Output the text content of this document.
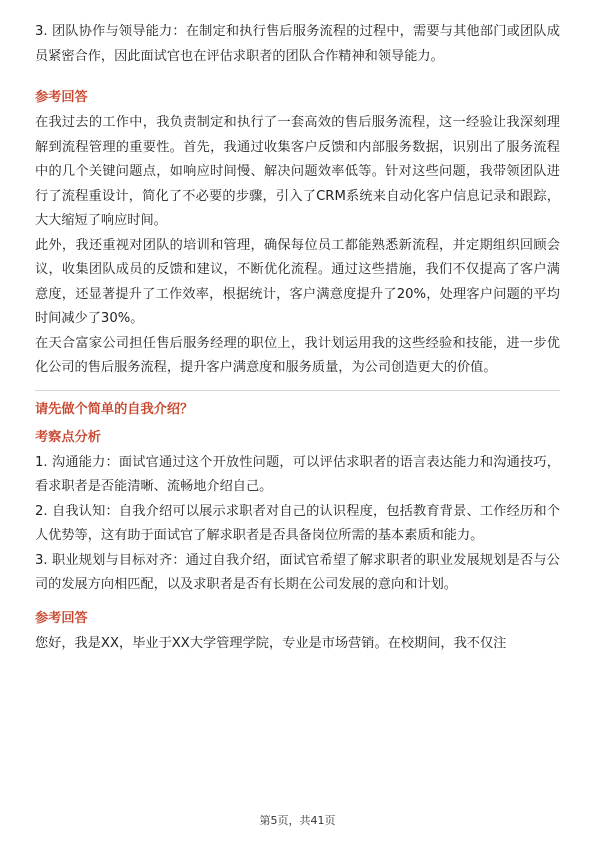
3. 团队协作与领导能力：在制定和执行售后服务流程的过程中，需要与其他部门或团队成员紧密合作，因此面试官也在评估求职者的团队合作精神和领导能力。

参考回答

在我过去的工作中，我负责制定和执行了一套高效的售后服务流程，这一经验让我深刻理解到流程管理的重要性。首先，我通过收集客户反馈和内部服务数据，识别出了服务流程中的几个关键问题点，如响应时间慢、解决问题效率低等。针对这些问题，我带领团队进行了流程重设计，简化了不必要的步骤，引入了CRM系统来自动化客户信息记录和跟踪，大大缩短了响应时间。

此外，我还重视对团队的培训和管理，确保每位员工都能熟悉新流程，并定期组织回顾会议，收集团队成员的反馈和建议，不断优化流程。通过这些措施，我们不仅提高了客户满意度，还显著提升了工作效率，根据统计，客户满意度提升了20%，处理客户问题的平均时间减少了30%。

在天合富家公司担任售后服务经理的职位上，我计划运用我的这些经验和技能，进一步优化公司的售后服务流程，提升客户满意度和服务质量，为公司创造更大的价值。

请先做个简单的自我介绍？
考察点分析

1. 沟通能力：面试官通过这个开放性问题，可以评估求职者的语言表达能力和沟通技巧，看求职者是否能清晰、流畅地介绍自己。

2. 自我认知：自我介绍可以展示求职者对自己的认识程度，包括教育背景、工作经历和个人优势等，这有助于面试官了解求职者是否具备岗位所需的基本素质和能力。

3. 职业规划与目标对齐：通过自我介绍，面试官希望了解求职者的职业发展规划是否与公司的发展方向相匹配，以及求职者是否有长期在公司发展的意向和计划。

参考回答

您好，我是XX，毕业于XX大学管理学院，专业是市场营销。在校期间，我不仅注

第5页，共41页
